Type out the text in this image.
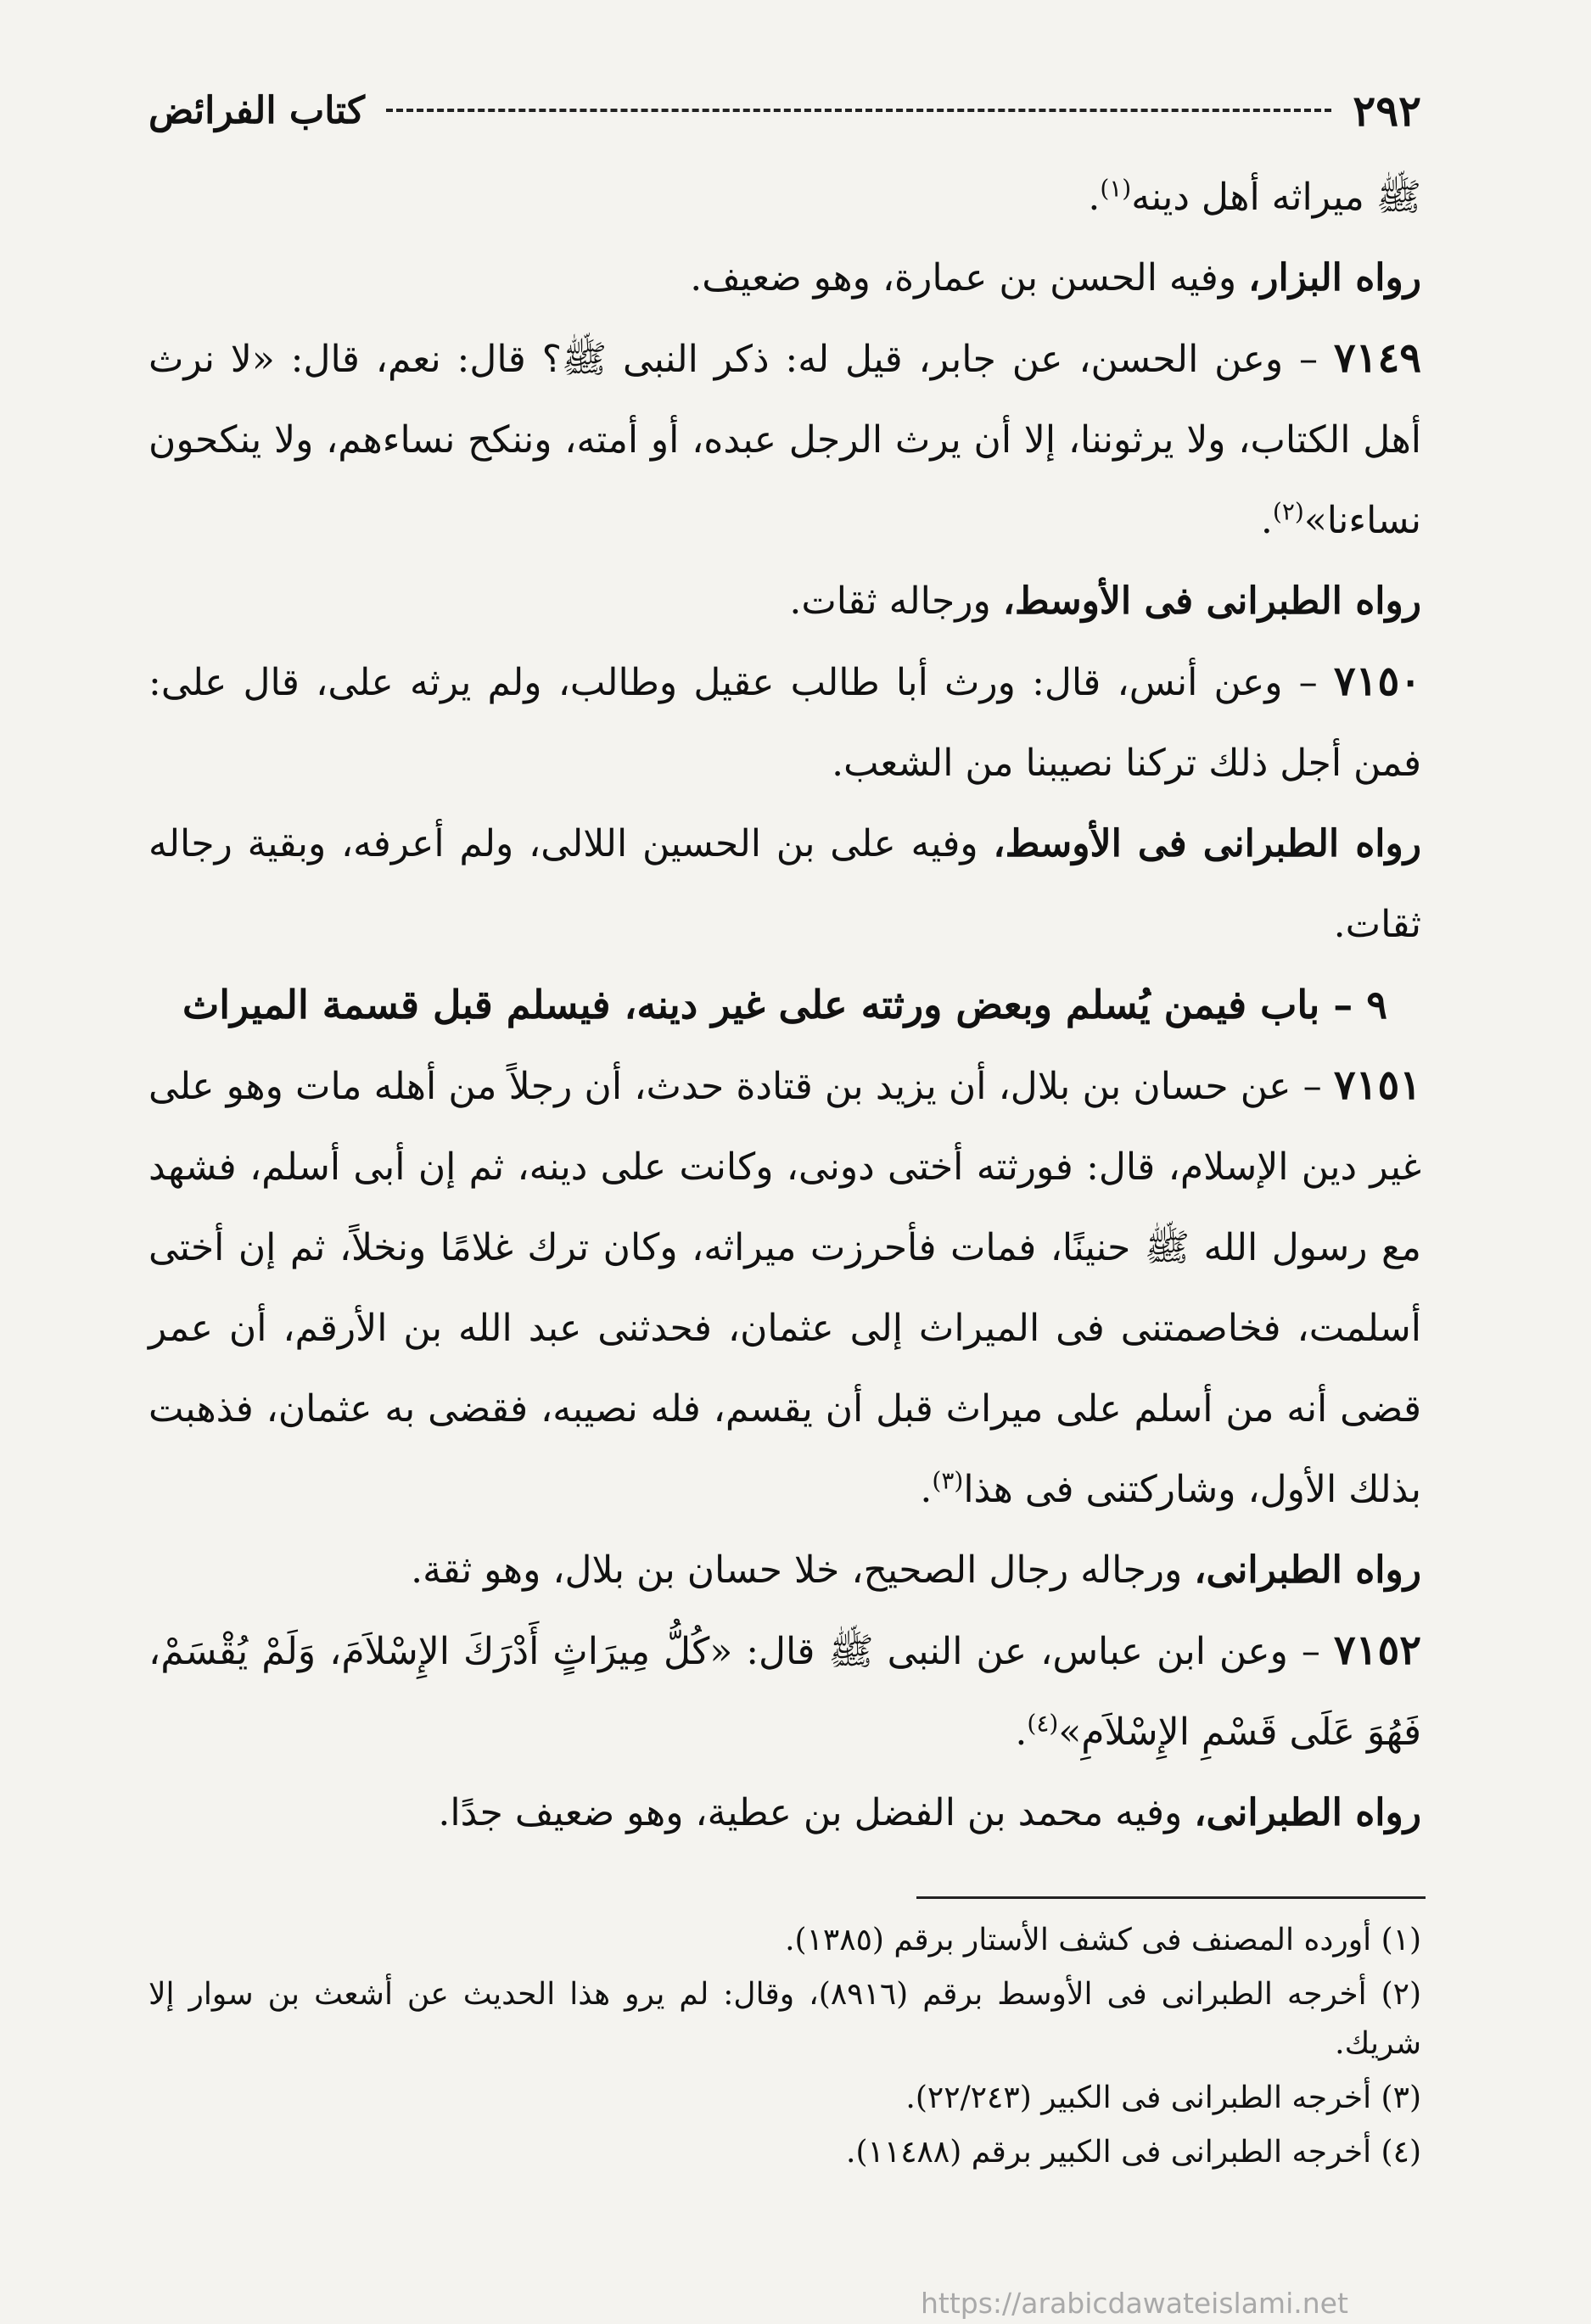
٢٩٢
كتاب الفرائض

ﷺ ميراثه أهل دينه$^{(١)}$.

رواه البزار، وفيه الحسن بن عمارة، وهو ضعيف.

٧١٤٩ – وعن الحسن، عن جابر، قيل له: ذكر النبى ﷺ؟ قال: نعم، قال: «لا نرث أهل الكتاب، ولا يرثوننا، إلا أن يرث الرجل عبده، أو أمته، وننكح نساءهم، ولا ينكحون نساءنا»$^{(٢)}$.

رواه الطبرانى فى الأوسط، ورجاله ثقات.

٧١٥٠ – وعن أنس، قال: ورث أبا طالب عقيل وطالب، ولم يرثه على، قال على: فمن أجل ذلك تركنا نصيبنا من الشعب.

رواه الطبرانى فى الأوسط، وفيه على بن الحسين اللالى، ولم أعرفه، وبقية رجاله ثقات.

٩ – باب فيمن يُسلم وبعض ورثته على غير دينه، فيسلم قبل قسمة الميراث

٧١٥١ – عن حسان بن بلال، أن يزيد بن قتادة حدث، أن رجلاً من أهله مات وهو على غير دين الإسلام، قال: فورثته أختى دونى، وكانت على دينه، ثم إن أبى أسلم، فشهد مع رسول الله ﷺ حنينًا، فمات فأحرزت ميراثه، وكان ترك غلامًا ونخلاً، ثم إن أختى أسلمت، فخاصمتنى فى الميراث إلى عثمان، فحدثنى عبد الله بن الأرقم، أن عمر قضى أنه من أسلم على ميراث قبل أن يقسم، فله نصيبه، فقضى به عثمان، فذهبت بذلك الأول، وشاركتنى فى هذا$^{(٣)}$.

رواه الطبرانى، ورجاله رجال الصحيح، خلا حسان بن بلال، وهو ثقة.

٧١٥٢ – وعن ابن عباس، عن النبى ﷺ قال: «كُلُّ مِيرَاثٍ أَدْرَكَ الإِسْلاَمَ، وَلَمْ يُقْسَمْ، فَهُوَ عَلَى قَسْمِ الإِسْلاَمِ»$^{(٤)}$.

رواه الطبرانى، وفيه محمد بن الفضل بن عطية، وهو ضعيف جدًا.

(١) أورده المصنف فى كشف الأستار برقم (١٣٨٥).

(٢) أخرجه الطبرانى فى الأوسط برقم (٨٩١٦)، وقال: لم يرو هذا الحديث عن أشعث بن سوار إلا شريك.

(٣) أخرجه الطبرانى فى الكبير (٢٢/٢٤٣).

(٤) أخرجه الطبرانى فى الكبير برقم (١١٤٨٨).

https://arabicdawateislami.net
